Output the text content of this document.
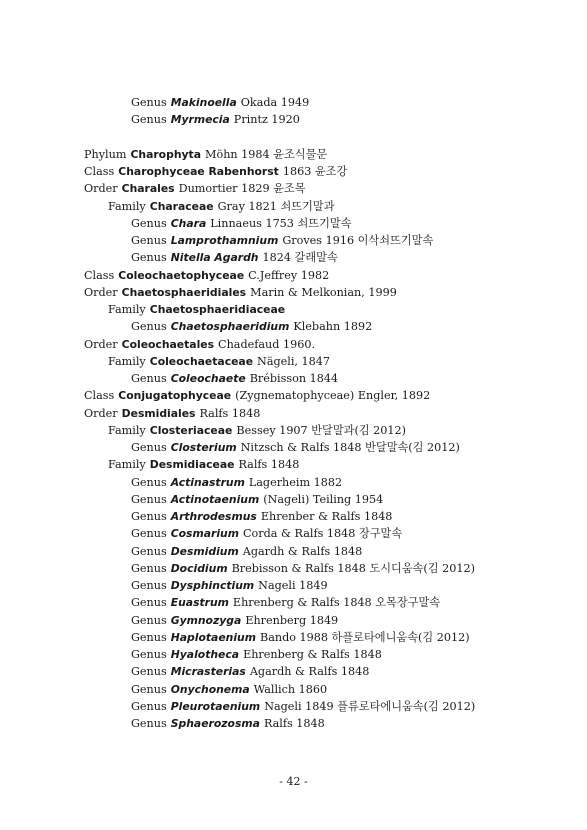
Genus Makinoella Okada 1949
Genus Myrmecia Printz 1920
Phylum Charophyta Möhn 1984 윤조식물문
Class Charophyceae Rabenhorst 1863 윤조강
Order Charales Dumortier 1829 윤조목
Family Characeae Gray 1821 쇠뜨기말과
Genus Chara Linnaeus 1753 쇠뜨기말속
Genus Lamprothamnium Groves 1916 이삭쇠뜨기말속
Genus Nitella Agardh 1824 갈래말속
Class Coleochaetophyceae C.Jeffrey 1982
Order Chaetosphaeridiales Marin & Melkonian, 1999
Family Chaetosphaeridiaceae
Genus Chaetosphaeridium Klebahn 1892
Order Coleochaetales Chadefaud 1960.
Family Coleochaetaceae Nägeli, 1847
Genus Coleochaete Brébisson 1844
Class Conjugatophyceae (Zygnematophyceae) Engler, 1892
Order Desmidiales Ralfs 1848
Family Closteriaceae Bessey 1907 반달말과(김 2012)
Genus Closterium Nitzsch & Ralfs 1848 반달말속(김 2012)
Family Desmidiaceae Ralfs 1848
Genus Actinastrum Lagerheim 1882
Genus Actinotaenium (Nageli) Teiling 1954
Genus Arthrodesmus Ehrenber & Ralfs 1848
Genus Cosmarium Corda & Ralfs 1848 장구말속
Genus Desmidium Agardh & Ralfs 1848
Genus Docidium Brebisson & Ralfs 1848 도시디움속(김 2012)
Genus Dysphinctium Nageli 1849
Genus Euastrum Ehrenberg & Ralfs 1848 오목장구말속
Genus Gymnozyga Ehrenberg 1849
Genus Haplotaenium Bando 1988 하플로타에니움속(김 2012)
Genus Hyalotheca Ehrenberg & Ralfs 1848
Genus Micrasterias Agardh & Ralfs 1848
Genus Onychonema Wallich 1860
Genus Pleurotaenium Nageli 1849 플류로타에니움속(김 2012)
Genus Sphaerozosma Ralfs 1848
- 42 -
